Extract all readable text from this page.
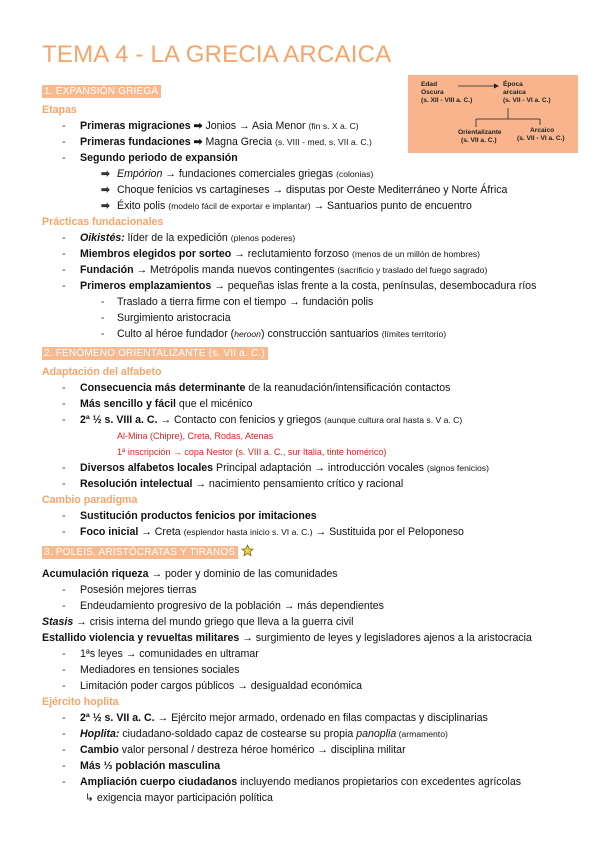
TEMA 4 - LA GRECIA ARCAICA
Edad
Oscura
(s. XII - VIII a. C.)
Época
arcaica
(s. VII - VI a. C.)
Orientalizante
(s. VII a. C.)
Arcaico
(s. VII - VI a. C.)
1. EXPANSIÓN GRIEGA
Etapas
- Primeras migraciones ➡ Jonios → Asia Menor (fin s. X a. C)
- Primeras fundaciones ➡ Magna Grecia (s. VIII - med. s. VII a. C.)
- Segundo periodo de expansión
➡ Empórion → fundaciones comerciales griegas (colonias)
➡ Choque fenicios vs cartagineses → disputas por Oeste Mediterráneo y Norte África
➡ Éxito polis (modelo fácil de exportar e implantar) → Santuarios punto de encuentro
Prácticas fundacionales
- Oikistés: líder de la expedición (plenos poderes)
- Miembros elegidos por sorteo → reclutamiento forzoso (menos de un millón de hombres)
- Fundación → Metrópolis manda nuevos contingentes (sacrificio y traslado del fuego sagrado)
- Primeros emplazamientos → pequeñas islas frente a la costa, penínsulas, desembocadura ríos
- Traslado a tierra firme con el tiempo → fundación polis
- Surgimiento aristocracia
- Culto al héroe fundador (heroon) construcción santuarios (límites territorio)
2. FENÓMENO ORIENTALIZANTE (s. VII a. C.)
Adaptación del alfabeto
- Consecuencia más determinante de la reanudación/intensificación contactos
- Más sencillo y fácil que el micénico
- 2ª ½ s. VIII a. C. → Contacto con fenicios y griegos (aunque cultura oral hasta s. V a. C)
Al-Mina (Chipre), Creta, Rodas, Atenas
1ª inscripción → copa Nestor (s. VIII a. C., sur Italia, tinte homérico)
- Diversos alfabetos locales Principal adaptación → introducción vocales (signos fenicios)
- Resolución intelectual → nacimiento pensamiento crítico y racional
Cambio paradigma
- Sustitución productos fenicios por imitaciones
- Foco inicial → Creta (esplendor hasta inicio s. VI a. C.) → Sustituida por el Peloponeso
3. POLEIS, ARISTÓCRATAS Y TIRANOS
Acumulación riqueza → poder y dominio de las comunidades
- Posesión mejores tierras
- Endeudamiento progresivo de la población → más dependientes
Stasis → crisis interna del mundo griego que lleva a la guerra civil
Estallido violencia y revueltas militares → surgimiento de leyes y legisladores ajenos a la aristocracia
- 1ªs leyes → comunidades en ultramar
- Mediadores en tensiones sociales
- Limitación poder cargos públicos → desigualdad económica
Ejército hoplita
- 2ª ½ s. VII a. C. → Ejército mejor armado, ordenado en filas compactas y disciplinarias
- Hoplita: ciudadano-soldado capaz de costearse su propia panoplia (armamento)
- Cambio valor personal / destreza héroe homérico → disciplina militar
- Más ⅓ población masculina
- Ampliación cuerpo ciudadanos incluyendo medianos propietarios con excedentes agrícolas
↳ exigencia mayor participación política
